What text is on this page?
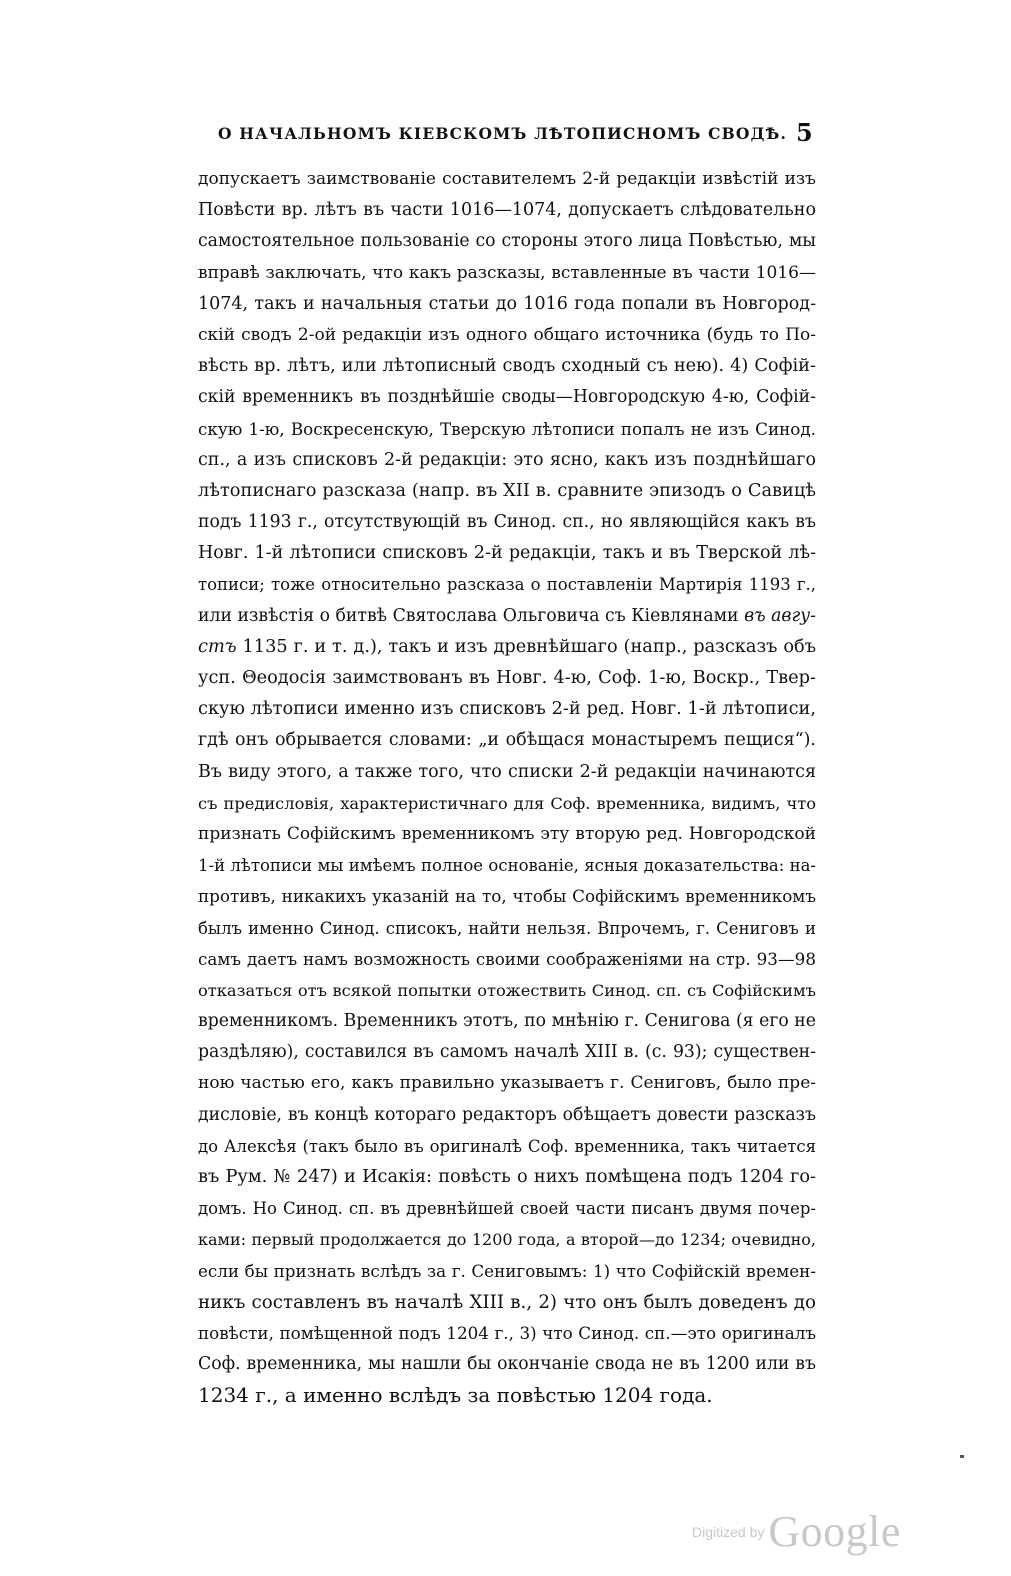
О НАЧАЛЬНОМЪ КІЕВСКОМЪ ЛѢТОПИСНОМЪ СВОДѢ. 5
допускаетъ заимствованіе составителемъ 2-й редакціи извѣстій изъ
Повѣсти вр. лѣтъ въ части 1016—1074, допускаетъ слѣдовательно
самостоятельное пользованіе со стороны этого лица Повѣстью, мы
вправѣ заключать, что какъ разсказы, вставленные въ части 1016—
1074, такъ и начальныя статьи до 1016 года попали въ Новгород-
скій сводъ 2-ой редакціи изъ одного общаго источника (будь то По-
вѣсть вр. лѣтъ, или лѣтописный сводъ сходный съ нею). 4) Софій-
скій временникъ въ позднѣйшіе своды—Новгородскую 4-ю, Софій-
скую 1-ю, Воскресенскую, Тверскую лѣтописи попалъ не изъ Синод.
сп., а изъ списковъ 2-й редакціи: это ясно, какъ изъ позднѣйшаго
лѣтописнаго разсказа (напр. въ XII в. сравните эпизодъ о Савицѣ
подъ 1193 г., отсутствующій въ Синод. сп., но являющійся какъ въ
Новг. 1-й лѣтописи списковъ 2-й редакціи, такъ и въ Тверской лѣ-
тописи; тоже относительно разсказа о поставленіи Мартирія 1193 г.,
или извѣстія о битвѣ Святослава Ольговича съ Кіевлянами въ авгу-
стъ 1135 г. и т. д.), такъ и изъ древнѣйшаго (напр., разсказъ объ
усп. Θеодосія заимствованъ въ Новг. 4-ю, Соф. 1-ю, Воскр., Твер-
скую лѣтописи именно изъ списковъ 2-й ред. Новг. 1-й лѣтописи,
гдѣ онъ обрывается словами: „и обѣщася монастыремъ пещися“).
Въ виду этого, а также того, что списки 2-й редакціи начинаются
съ предисловія, характеристичнаго для Соф. временника, видимъ, что
признать Софійскимъ временникомъ эту вторую ред. Новгородской
1-й лѣтописи мы имѣемъ полное основаніе, ясныя доказательства: на-
противъ, никакихъ указаній на то, чтобы Софійскимъ временникомъ
былъ именно Синод. списокъ, найти нельзя. Впрочемъ, г. Сениговъ и
самъ даетъ намъ возможность своими соображеніями на стр. 93—98
отказаться отъ всякой попытки отожествить Синод. сп. съ Софійскимъ
временникомъ. Временникъ этотъ, по мнѣнію г. Сенигова (я его не
раздѣляю), составился въ самомъ началѣ XIII в. (с. 93); существен-
ною частью его, какъ правильно указываетъ г. Сениговъ, было пре-
дисловіе, въ концѣ котораго редакторъ обѣщаетъ довести разсказъ
до Алексѣя (такъ было въ оригиналѣ Соф. временника, такъ читается
въ Рум. № 247) и Исакія: повѣсть о нихъ помѣщена подъ 1204 го-
домъ. Но Синод. сп. въ древнѣйшей своей части писанъ двумя почер-
ками: первый продолжается до 1200 года, а второй—до 1234; очевидно,
если бы признать вслѣдъ за г. Сениговымъ: 1) что Софійскій времен-
никъ составленъ въ началѣ XIII в., 2) что онъ былъ доведенъ до
повѣсти, помѣщенной подъ 1204 г., 3) что Синод. сп.—это оригиналъ
Соф. временника, мы нашли бы окончаніе свода не въ 1200 или въ
1234 г., а именно вслѣдъ за повѣстью 1204 года.
Digitized byGoogle
